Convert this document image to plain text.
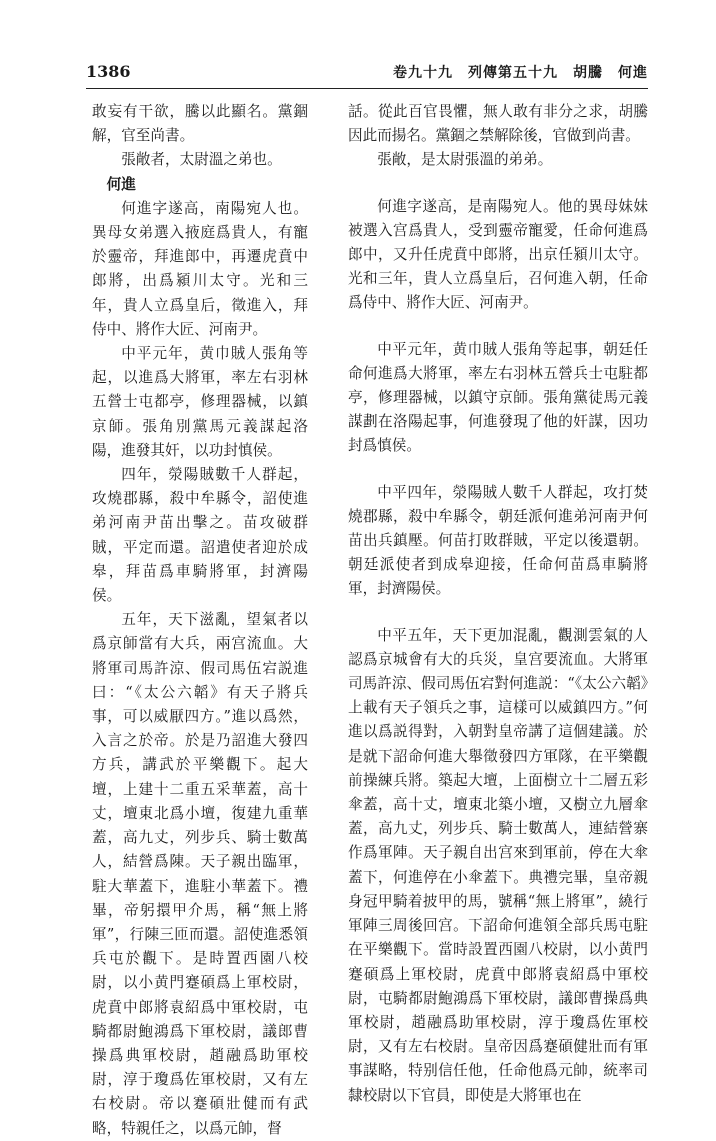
1386	卷九十九　列傳第五十九　胡騰　何進

敢妄有干欲，騰以此顯名。黨錮解，官至尚書。

張敞者，太尉溫之弟也。

何進

何進字遂高，南陽宛人也。異母女弟選入掖庭爲貴人，有寵於靈帝，拜進郎中，再遷虎賁中郎將，出爲潁川太守。光和三年，貴人立爲皇后，徵進入，拜侍中、將作大匠、河南尹。

中平元年，黄巾賊人張角等起，以進爲大將軍，率左右羽林五營士屯都亭，修理器械，以鎮京師。張角別黨馬元義謀起洛陽，進發其奸，以功封慎侯。

四年，滎陽賊數千人群起，攻燒郡縣，殺中牟縣令，詔使進弟河南尹苗出擊之。苗攻破群賊，平定而還。詔遣使者迎於成皋，拜苗爲車騎將軍，封濟陽侯。

五年，天下滋亂，望氣者以爲京師當有大兵，兩宫流血。大將軍司馬許涼、假司馬伍宕説進曰：“《太公六韜》有天子將兵事，可以威厭四方。”進以爲然，入言之於帝。於是乃詔進大發四方兵，講武於平樂觀下。起大壇，上建十二重五采華蓋，高十丈，壇東北爲小壇，復建九重華蓋，高九丈，列步兵、騎士數萬人，結營爲陳。天子親出臨軍，駐大華蓋下，進駐小華蓋下。禮畢，帝躬擐甲介馬，稱“無上將軍”，行陳三匝而還。詔使進悉領兵屯於觀下。是時置西園八校尉，以小黄門蹇碩爲上軍校尉，虎賁中郎將袁紹爲中軍校尉，屯騎都尉鮑鴻爲下軍校尉，議郎曹操爲典軍校尉，趙融爲助軍校尉，淳于瓊爲佐軍校尉，又有左右校尉。帝以蹇碩壯健而有武略，特親任之，以爲元帥，督

話。從此百官畏懼，無人敢有非分之求，胡騰因此而揚名。黨錮之禁解除後，官做到尚書。

張敞，是太尉張溫的弟弟。

何進字遂高，是南陽宛人。他的異母妹妹被選入宫爲貴人，受到靈帝寵愛，任命何進爲郎中，又升任虎賁中郎將，出京任潁川太守。光和三年，貴人立爲皇后，召何進入朝，任命爲侍中、將作大匠、河南尹。

中平元年，黄巾賊人張角等起事，朝廷任命何進爲大將軍，率左右羽林五營兵士屯駐都亭，修理器械，以鎮守京師。張角黨徒馬元義謀劃在洛陽起事，何進發現了他的奸謀，因功封爲慎侯。

中平四年，滎陽賊人數千人群起，攻打焚燒郡縣，殺中牟縣令，朝廷派何進弟河南尹何苗出兵鎮壓。何苗打敗群賊，平定以後還朝。朝廷派使者到成皋迎接，任命何苗爲車騎將軍，封濟陽侯。

中平五年，天下更加混亂，觀測雲氣的人認爲京城會有大的兵災，皇宫要流血。大將軍司馬許涼、假司馬伍宕對何進説：“《太公六韜》上載有天子領兵之事，這樣可以威鎮四方。”何進以爲説得對，入朝對皇帝講了這個建議。於是就下詔命何進大舉徵發四方軍隊，在平樂觀前操練兵將。築起大壇，上面樹立十二層五彩傘蓋，高十丈，壇東北築小壇，又樹立九層傘蓋，高九丈，列步兵、騎士數萬人，連結營寨作爲軍陣。天子親自出宫來到軍前，停在大傘蓋下，何進停在小傘蓋下。典禮完畢，皇帝親身冠甲騎着披甲的馬，號稱“無上將軍”，繞行軍陣三周後回宫。下詔命何進領全部兵馬屯駐在平樂觀下。當時設置西園八校尉，以小黄門蹇碩爲上軍校尉，虎賁中郎將袁紹爲中軍校尉，屯騎都尉鮑鴻爲下軍校尉，議郎曹操爲典軍校尉，趙融爲助軍校尉，淳于瓊爲佐軍校尉，又有左右校尉。皇帝因爲蹇碩健壯而有軍事謀略，特别信任他，任命他爲元帥，統率司隸校尉以下官員，即使是大將軍也在
